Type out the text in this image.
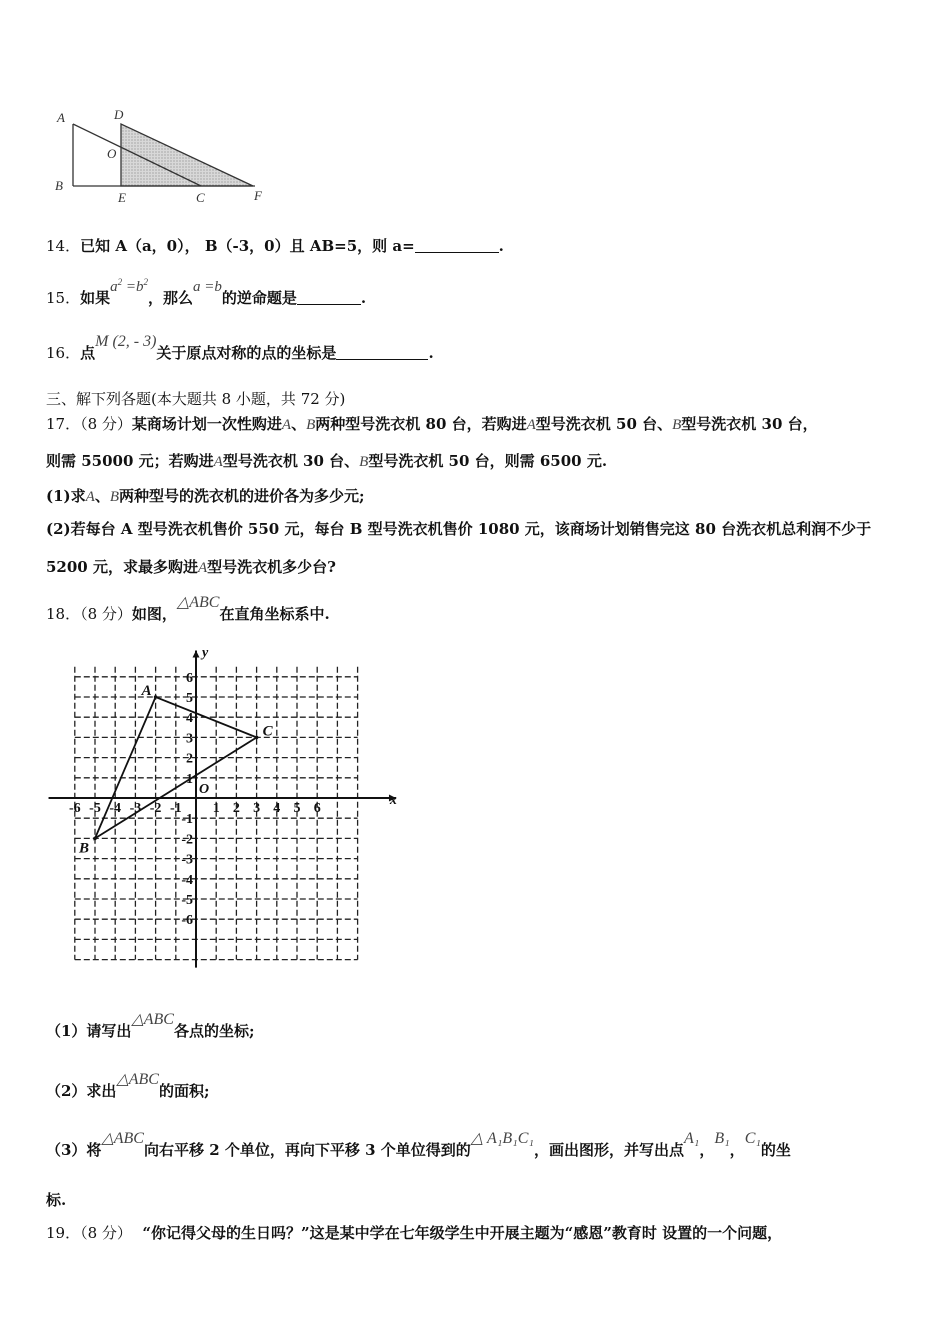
A
B
D
O
E	C	F
14．已知 A（a，0）， B（-3，0）且 AB=5，则 a=	.
15．如果$a^2 =b^2$，那么a =b的逆命题是	.
16．点M (2, - 3)关于原点对称的点的坐标是	.
三、解下列各题(本大题共 8 小题，共 72 分)
17．（8 分）某商场计划一次性购进A、B两种型号洗衣机 80 台，若购进A型号洗衣机 50 台、B型号洗衣机 30 台，
则需 55000 元；若购进A型号洗衣机 30 台、B型号洗衣机 50 台，则需 6500 元.
(1)求A、B两种型号的洗衣机的进价各为多少元;
(2)若每台 A 型号洗衣机售价 550 元，每台 B 型号洗衣机售价 1080 元，该商场计划销售完这 80 台洗衣机总利润不少于
5200 元，求最多购进A型号洗衣机多少台?
18．（8 分）如图，△ABC在直角坐标系中.
x
y
O
-6 -5 -4 -3 -2 -1 1 2 3 4 5 6
6
5
4
3
2
1
-1
-2
-3
-4
-5
-6
A
B
C
（1）请写出△ABC各点的坐标;
（2）求出△ABC的面积;
（3）将△ABC向右平移 2 个单位，再向下平移 3 个单位得到的△ A₁B₁C₁，画出图形，并写出点A₁，B₁，C₁的坐
标.
19．（8 分） “你记得父母的生日吗？”这是某中学在七年级学生中开展主题为“感恩”教育时 设置的一个问题，
